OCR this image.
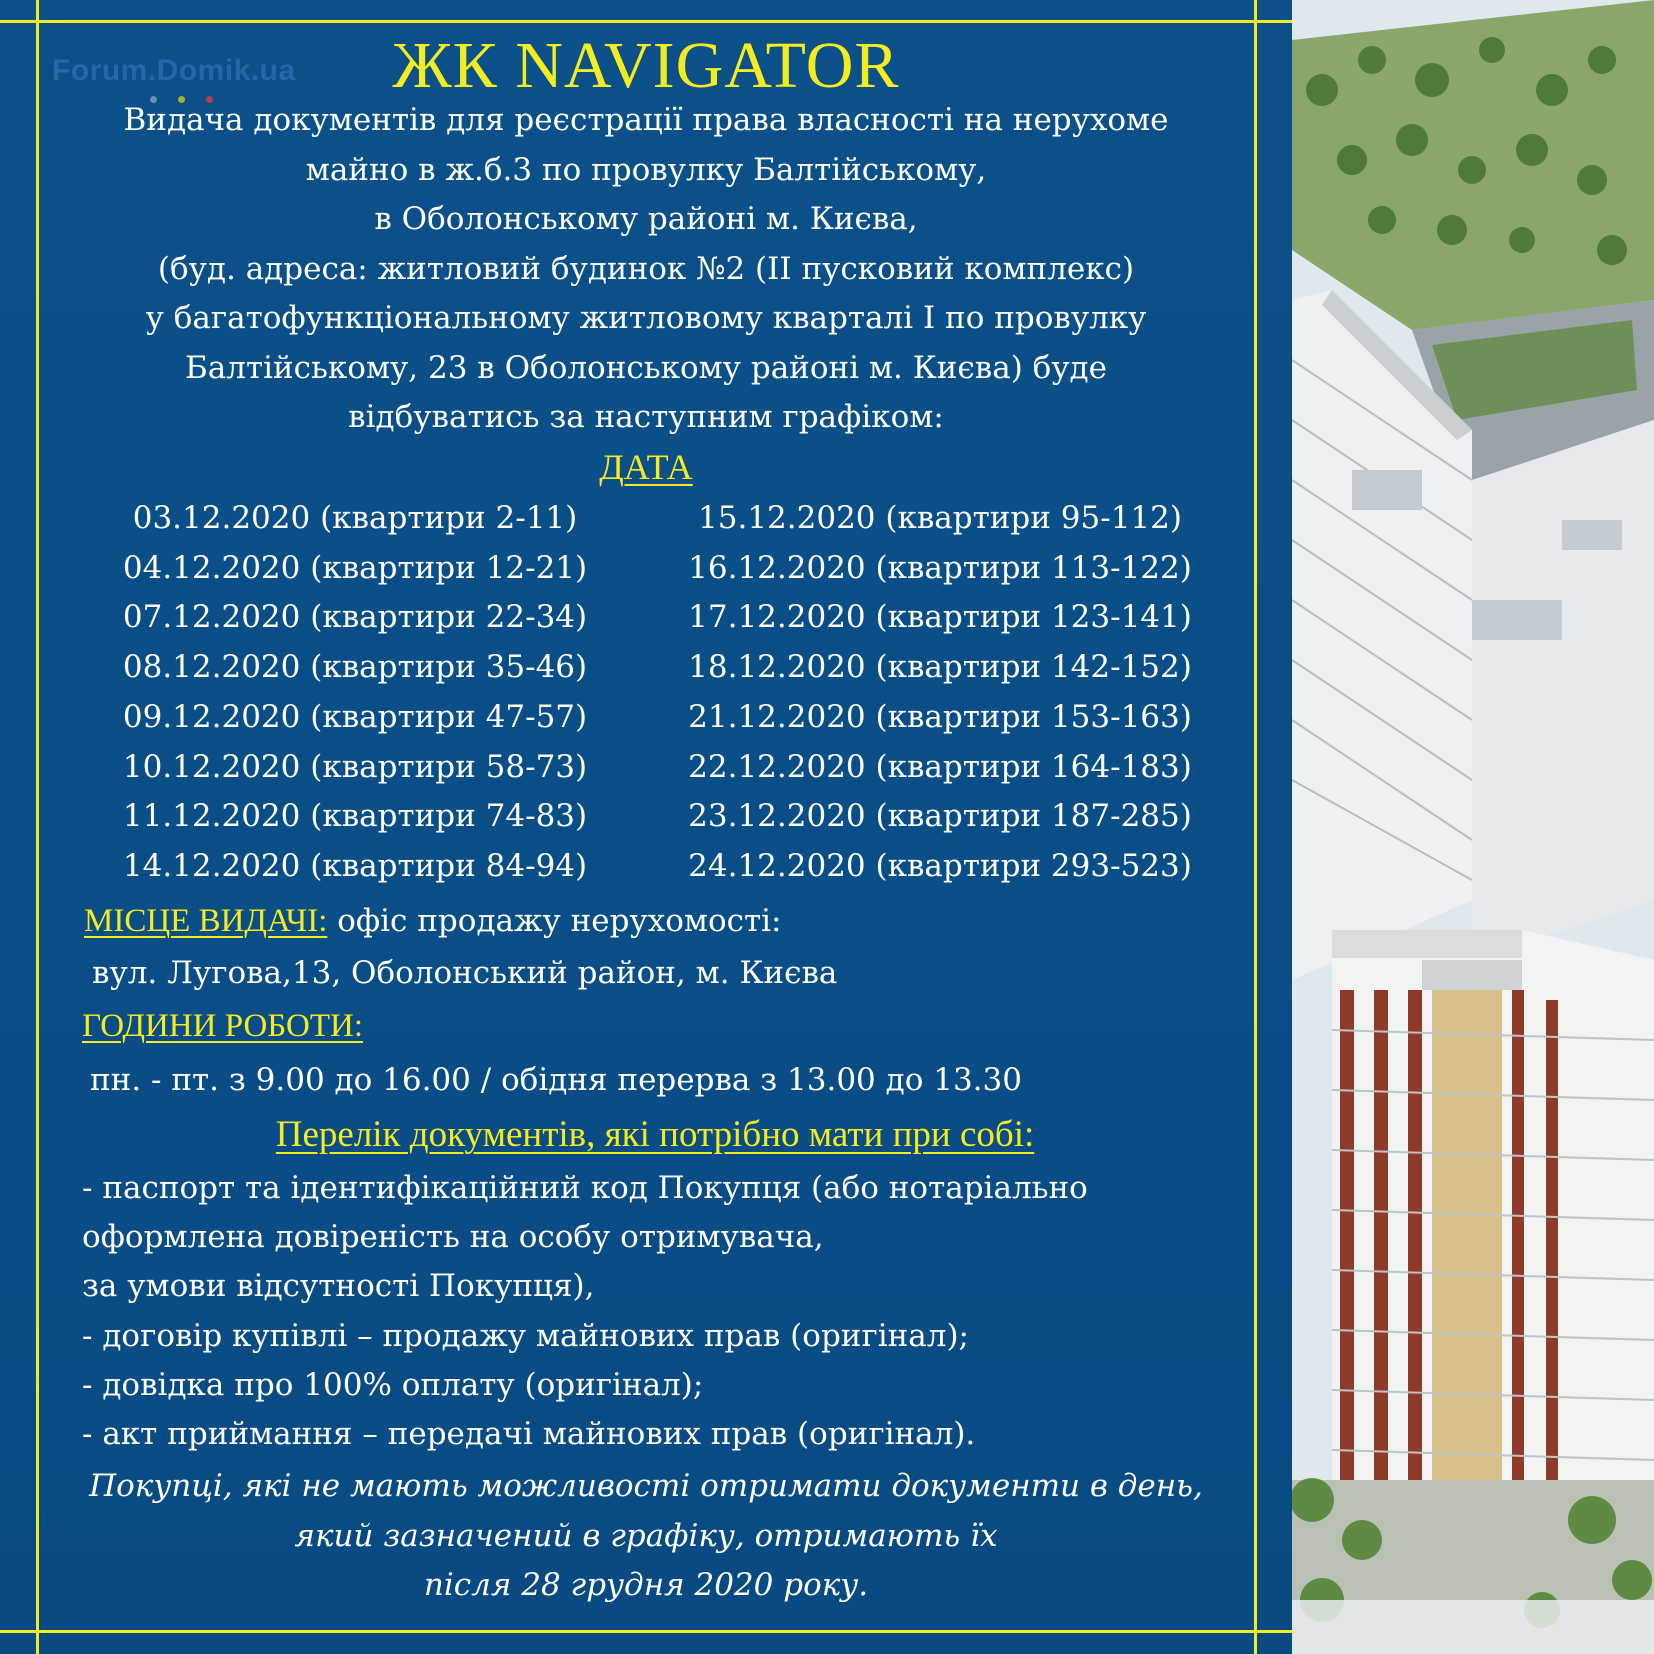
Forum.Domik.ua	ЖК NAVIGATOR
Видача документів для реєстрації права власності на нерухоме
майно в ж.б.3 по провулку Балтійському,
в Оболонському районі м. Києва,
(буд. адреса: житловий будинок №2 (ІІ пусковий комплекс)
у багатофункціональному житловому кварталі І по провулку
Балтійському, 23 в Оболонському районі м. Києва) буде
відбуватись за наступним графіком:
ДАТА
03.12.2020 (квартири 2-11)
04.12.2020 (квартири 12-21)
07.12.2020 (квартири 22-34)
08.12.2020 (квартири 35-46)
09.12.2020 (квартири 47-57)
10.12.2020 (квартири 58-73)
11.12.2020 (квартири 74-83)
14.12.2020 (квартири 84-94)
15.12.2020 (квартири 95-112)
16.12.2020 (квартири 113-122)
17.12.2020 (квартири 123-141)
18.12.2020 (квартири 142-152)
21.12.2020 (квартири 153-163)
22.12.2020 (квартири 164-183)
23.12.2020 (квартири 187-285)
24.12.2020 (квартири 293-523)
МІСЦЕ ВИДАЧІ: офіс продажу нерухомості:
вул. Лугова,13, Оболонський район, м. Києва
ГОДИНИ РОБОТИ:
пн. - пт. з 9.00 до 16.00 / обідня перерва з 13.00 до 13.30
Перелік документів, які потрібно мати при собі:
- паспорт та ідентифікаційний код Покупця (або нотаріально
оформлена довіреність на особу отримувача,
за умови відсутності Покупця),
- договір купівлі – продажу майнових прав (оригінал);
- довідка про 100% оплату (оригінал);
- акт приймання – передачі майнових прав (оригінал).
Покупці, які не мають можливості отримати документи в день,
який зазначений в графіку, отримають їх
після 28 грудня 2020 року.
